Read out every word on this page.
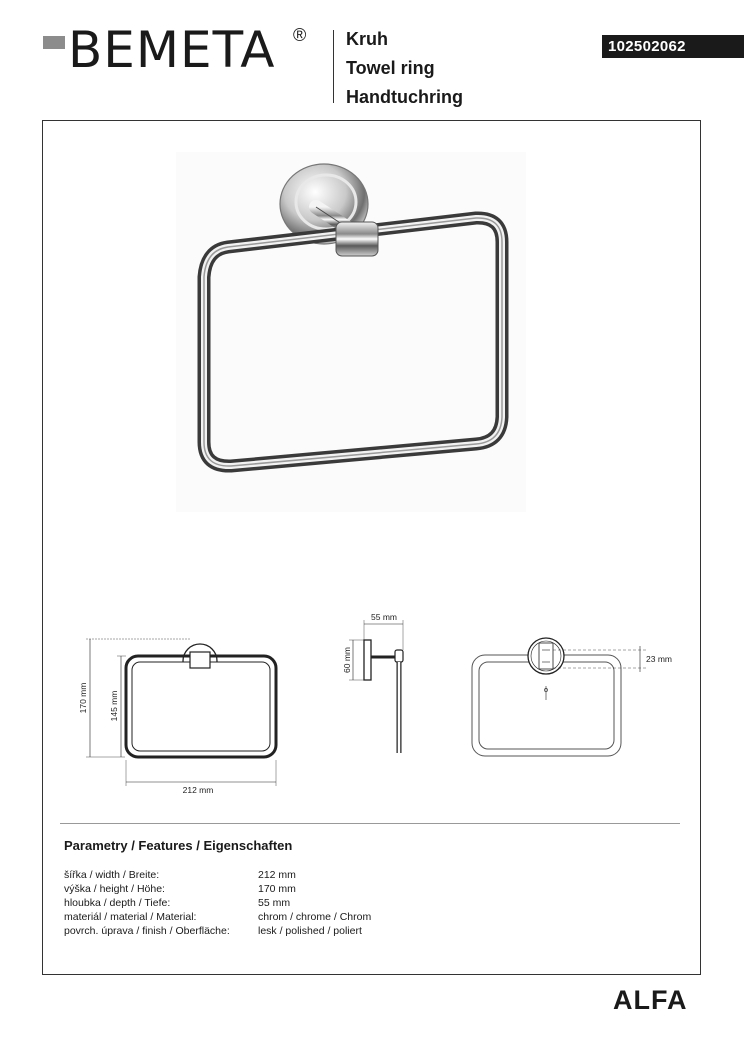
BEMETA ® Kruh
Towel ring
Handtuchring
102502062
170 mm 145 mm
212 mm
55 mm
60 mm	23 mm
Parametry / Features / Eigenschaften
šířka / width / Breite:	212 mm
výška / height / Höhe:	170 mm
hloubka / depth / Tiefe:	55 mm
materiál / material / Material:	chrom / chrome / Chrom
povrch. úprava / finish / Oberfläche:	lesk / polished / poliert
ALFA
